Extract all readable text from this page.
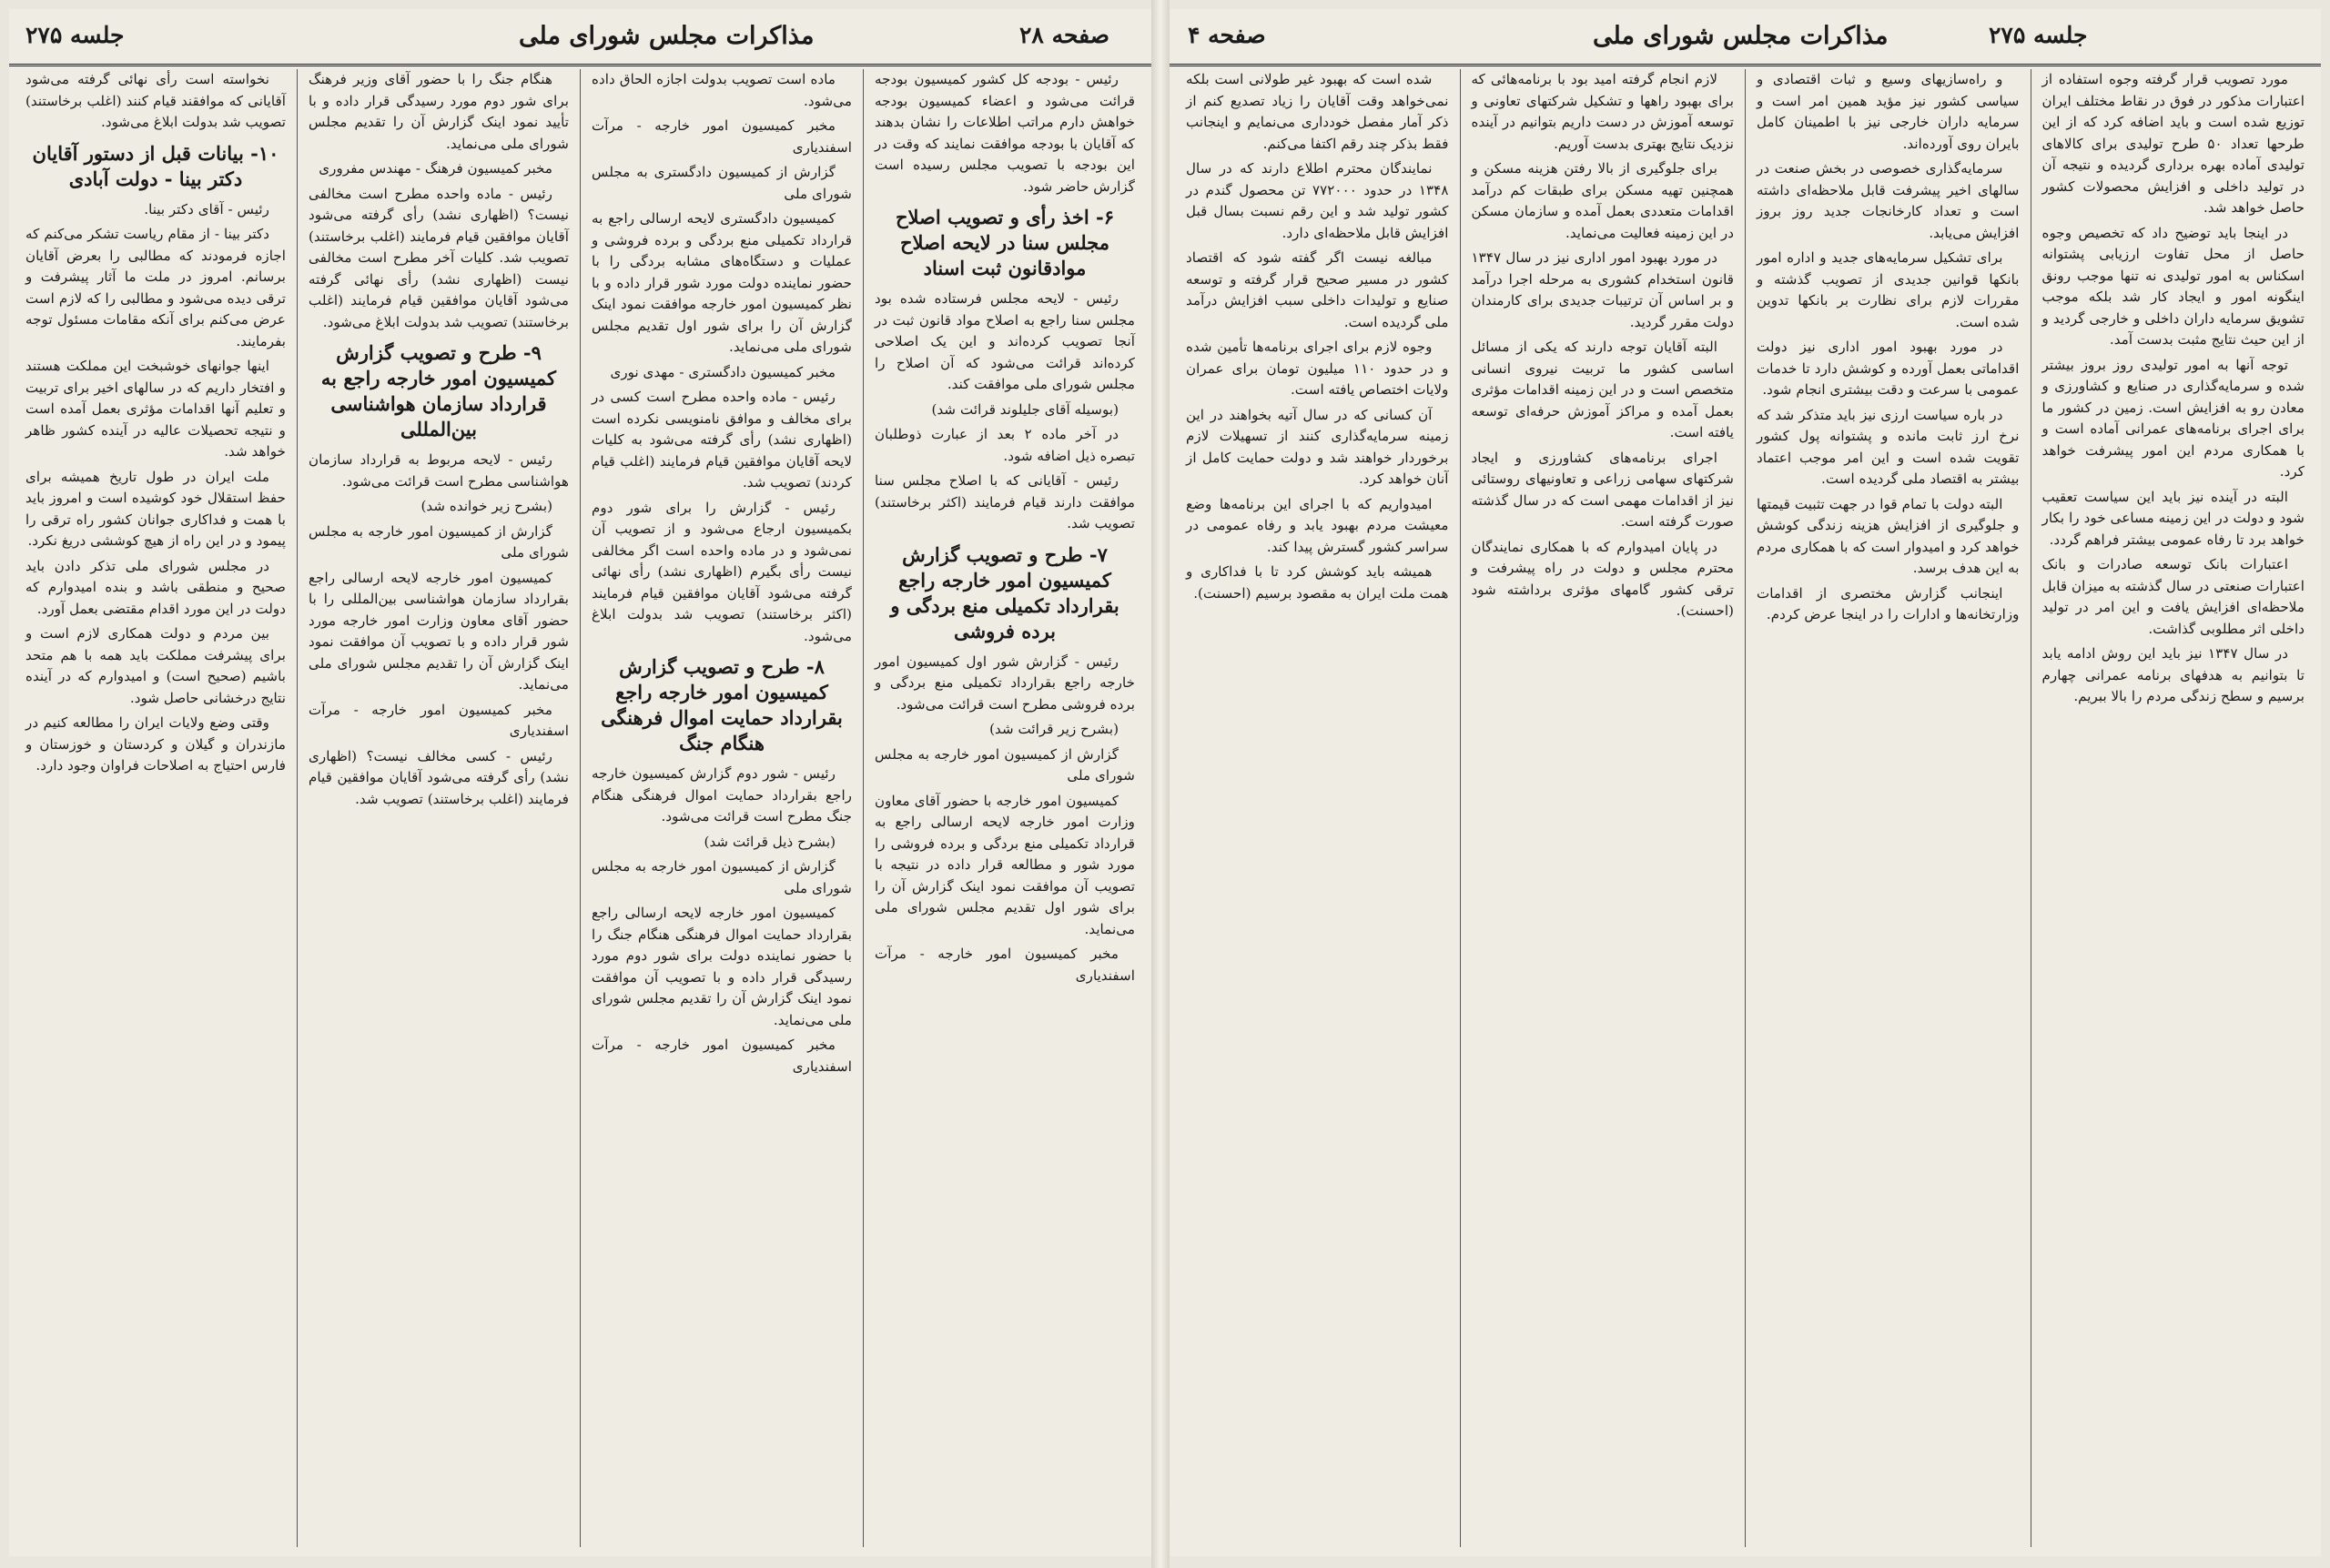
جلسه ۲۷۵	مذاکرات مجلس شورای ملی	صفحه ۲۸

رئیس - بودجه کل کشور کمیسیون بودجه قرائت می‌شود و اعضاء کمیسیون بودجه خواهش دارم مراتب اطلاعات را نشان بدهند که آقایان با بودجه موافقت نمایند که وقت در این بودجه با تصویب مجلس رسیده است گزارش حاضر شود.

۶- اخذ رأی و تصویب اصلاح مجلس سنا در لایحه اصلاح موادقانون ثبت اسناد

رئیس - لایحه مجلس فرستاده شده بود مجلس سنا راجع به اصلاح مواد قانون ثبت در آنجا تصویب کرده‌اند و این یک اصلاحی کرده‌اند قرائت می‌شود که آن اصلاح را مجلس شورای ملی موافقت کند.

(بوسیله آقای جلیلوند قرائت شد)

در آخر ماده ۲ بعد از عبارت ذوطلبان تبصره ذیل اضافه شود.

رئیس - آقایانی که با اصلاح مجلس سنا موافقت دارند قیام فرمایند (اکثر برخاستند) تصویب شد.

۷- طرح و تصویب گزارش کمیسیون امور خارجه راجع بقرارداد تکمیلی منع بردگی و برده فروشی

رئیس - گزارش شور اول کمیسیون امور خارجه راجع بقرارداد تکمیلی منع بردگی و برده فروشی مطرح است قرائت می‌شود.

(بشرح زیر قرائت شد)

گزارش از کمیسیون امور خارجه به مجلس شورای ملی

کمیسیون امور خارجه با حضور آقای معاون وزارت امور خارجه لایحه ارسالی راجع به قرارداد تکمیلی منع بردگی و برده فروشی را مورد شور و مطالعه قرار داده در نتیجه با تصویب آن موافقت نمود اینک گزارش آن را برای شور اول تقدیم مجلس شورای ملی می‌نماید.

مخبر کمیسیون امور خارجه - مرآت اسفندیاری

ماده است تصویب بدولت اجازه الحاق داده می‌شود.

مخبر کمیسیون امور خارجه - مرآت اسفندیاری

گزارش از کمیسیون دادگستری به مجلس شورای ملی

کمیسیون دادگستری لایحه ارسالی راجع به قرارداد تکمیلی منع بردگی و برده فروشی و عملیات و دستگاه‌های مشابه بردگی را با حضور نماینده دولت مورد شور قرار داده و با نظر کمیسیون امور خارجه موافقت نمود اینک گزارش آن را برای شور اول تقدیم مجلس شورای ملی می‌نماید.

مخبر کمیسیون دادگستری - مهدی نوری

رئیس - ماده واحده مطرح است کسی در برای مخالف و موافق نامنویسی نکرده است (اظهاری نشد) رأی گرفته می‌شود به کلیات لایحه آقایان موافقین قیام فرمایند (اغلب قیام کردند) تصویب شد.

رئیس - گزارش را برای شور دوم بکمیسیون ارجاع می‌شود و از تصویب آن نمی‌شود و در ماده واحده است اگر مخالفی نیست رأی بگیرم (اظهاری نشد) رأی نهائی گرفته می‌شود آقایان موافقین قیام فرمایند (اکثر برخاستند) تصویب شد بدولت ابلاغ می‌شود.

۸- طرح و تصویب گزارش کمیسیون امور خارجه راجع بقرارداد حمایت اموال فرهنگی هنگام جنگ

رئیس - شور دوم گزارش کمیسیون خارجه راجع بقرارداد حمایت اموال فرهنگی هنگام جنگ مطرح است قرائت می‌شود.

(بشرح ذیل قرائت شد)

گزارش از کمیسیون امور خارجه به مجلس شورای ملی

کمیسیون امور خارجه لایحه ارسالی راجع بقرارداد حمایت اموال فرهنگی هنگام جنگ را با حضور نماینده دولت برای شور دوم مورد رسیدگی قرار داده و با تصویب آن موافقت نمود اینک گزارش آن را تقدیم مجلس شورای ملی می‌نماید.

مخبر کمیسیون امور خارجه - مرآت اسفندیاری

هنگام جنگ را با حضور آقای وزیر فرهنگ برای شور دوم مورد رسیدگی قرار داده و با تأیید نمود اینک گزارش آن را تقدیم مجلس شورای ملی می‌نماید.

مخبر کمیسیون فرهنگ - مهندس مفروری

رئیس - ماده واحده مطرح است مخالفی نیست؟ (اظهاری نشد) رأی گرفته می‌شود آقایان موافقین قیام فرمایند (اغلب برخاستند) تصویب شد. کلیات آخر مطرح است مخالفی نیست (اظهاری نشد) رأی نهائی گرفته می‌شود آقایان موافقین قیام فرمایند (اغلب برخاستند) تصویب شد بدولت ابلاغ می‌شود.

۹- طرح و تصویب گزارش کمیسیون امور خارجه راجع به قرارداد سازمان هواشناسی بین‌المللی

رئیس - لایحه مربوط به قرارداد سازمان هواشناسی مطرح است قرائت می‌شود.

(بشرح زیر خوانده شد)

گزارش از کمیسیون امور خارجه به مجلس شورای ملی

کمیسیون امور خارجه لایحه ارسالی راجع بقرارداد سازمان هواشناسی بین‌المللی را با حضور آقای معاون وزارت امور خارجه مورد شور قرار داده و با تصویب آن موافقت نمود اینک گزارش آن را تقدیم مجلس شورای ملی می‌نماید.

مخبر کمیسیون امور خارجه - مرآت اسفندیاری

رئیس - کسی مخالف نیست؟ (اظهاری نشد) رأی گرفته می‌شود آقایان موافقین قیام فرمایند (اغلب برخاستند) تصویب شد.

نخواسته است رأی نهائی گرفته می‌شود آقایانی که موافقند قیام کنند (اغلب برخاستند) تصویب شد بدولت ابلاغ می‌شود.

۱۰- بیانات قبل از دستور آقایان دکتر بینا - دولت آبادی

رئیس - آقای دکتر بینا.

دکتر بینا - از مقام ریاست تشکر می‌کنم که اجازه فرمودند که مطالبی را بعرض آقایان برسانم. امروز در ملت ما آثار پیشرفت و ترقی دیده می‌شود و مطالبی را که لازم است عرض می‌کنم برای آنکه مقامات مسئول توجه بفرمایند.

اینها جوانهای خوشبخت این مملکت هستند و افتخار داریم که در سالهای اخیر برای تربیت و تعلیم آنها اقدامات مؤثری بعمل آمده است و نتیجه تحصیلات عالیه در آینده کشور ظاهر خواهد شد.

ملت ایران در طول تاریخ همیشه برای حفظ استقلال خود کوشیده است و امروز باید با همت و فداکاری جوانان کشور راه ترقی را پیمود و در این راه از هیچ کوششی دریغ نکرد.

در مجلس شورای ملی تذکر دادن باید صحیح و منطقی باشد و بنده امیدوارم که دولت در این مورد اقدام مقتضی بعمل آورد.

بین مردم و دولت همکاری لازم است و برای پیشرفت مملکت باید همه با هم متحد باشیم (صحیح است) و امیدوارم که در آینده نتایج درخشانی حاصل شود.

وقتی وضع ولایات ایران را مطالعه کنیم در مازندران و گیلان و کردستان و خوزستان و فارس احتیاج به اصلاحات فراوان وجود دارد.

صفحه ۴	مذاکرات مجلس شورای ملی	جلسه ۲۷۵

مورد تصویب قرار گرفته وجوه استفاده از اعتبارات مذکور در فوق در نقاط مختلف ایران توزیع شده است و باید اضافه کرد که از این طرحها تعداد ۵۰ طرح تولیدی برای کالاهای تولیدی آماده بهره برداری گردیده و نتیجه آن در تولید داخلی و افزایش محصولات کشور حاصل خواهد شد.

در اینجا باید توضیح داد که تخصیص وجوه حاصل از محل تفاوت ارزیابی پشتوانه اسکناس به امور تولیدی نه تنها موجب رونق اینگونه امور و ایجاد کار شد بلکه موجب تشویق سرمایه داران داخلی و خارجی گردید و از این حیث نتایج مثبت بدست آمد.

توجه آنها به امور تولیدی روز بروز بیشتر شده و سرمایه‌گذاری در صنایع و کشاورزی و معادن رو به افزایش است. زمین در کشور ما برای اجرای برنامه‌های عمرانی آماده است و با همکاری مردم این امور پیشرفت خواهد کرد.

البته در آینده نیز باید این سیاست تعقیب شود و دولت در این زمینه مساعی خود را بکار خواهد برد تا رفاه عمومی بیشتر فراهم گردد.

اعتبارات بانک توسعه صادرات و بانک اعتبارات صنعتی در سال گذشته به میزان قابل ملاحظه‌ای افزایش یافت و این امر در تولید داخلی اثر مطلوبی گذاشت.

در سال ۱۳۴۷ نیز باید این روش ادامه یابد تا بتوانیم به هدفهای برنامه عمرانی چهارم برسیم و سطح زندگی مردم را بالا ببریم.

و راه‌سازیهای وسیع و ثبات اقتصادی و سیاسی کشور نیز مؤید همین امر است و سرمایه داران خارجی نیز با اطمینان کامل بایران روی آورده‌اند.

سرمایه‌گذاری خصوصی در بخش صنعت در سالهای اخیر پیشرفت قابل ملاحظه‌ای داشته است و تعداد کارخانجات جدید روز بروز افزایش می‌یابد.

برای تشکیل سرمایه‌های جدید و اداره امور بانکها قوانین جدیدی از تصویب گذشته و مقررات لازم برای نظارت بر بانکها تدوین شده است.

در مورد بهبود امور اداری نیز دولت اقداماتی بعمل آورده و کوشش دارد تا خدمات عمومی با سرعت و دقت بیشتری انجام شود.

در باره سیاست ارزی نیز باید متذکر شد که نرخ ارز ثابت مانده و پشتوانه پول کشور تقویت شده است و این امر موجب اعتماد بیشتر به اقتصاد ملی گردیده است.

البته دولت با تمام قوا در جهت تثبیت قیمتها و جلوگیری از افزایش هزینه زندگی کوشش خواهد کرد و امیدوار است که با همکاری مردم به این هدف برسد.

اینجانب گزارش مختصری از اقدامات وزارتخانه‌ها و ادارات را در اینجا عرض کردم.

لازم انجام گرفته امید بود با برنامه‌هائی که برای بهبود راهها و تشکیل شرکتهای تعاونی و توسعه آموزش در دست داریم بتوانیم در آینده نزدیک نتایج بهتری بدست آوریم.

برای جلوگیری از بالا رفتن هزینه مسکن و همچنین تهیه مسکن برای طبقات کم درآمد اقدامات متعددی بعمل آمده و سازمان مسکن در این زمینه فعالیت می‌نماید.

در مورد بهبود امور اداری نیز در سال ۱۳۴۷ قانون استخدام کشوری به مرحله اجرا درآمد و بر اساس آن ترتیبات جدیدی برای کارمندان دولت مقرر گردید.

البته آقایان توجه دارند که یکی از مسائل اساسی کشور ما تربیت نیروی انسانی متخصص است و در این زمینه اقدامات مؤثری بعمل آمده و مراکز آموزش حرفه‌ای توسعه یافته است.

اجرای برنامه‌های کشاورزی و ایجاد شرکتهای سهامی زراعی و تعاونیهای روستائی نیز از اقدامات مهمی است که در سال گذشته صورت گرفته است.

در پایان امیدوارم که با همکاری نمایندگان محترم مجلس و دولت در راه پیشرفت و ترقی کشور گامهای مؤثری برداشته شود (احسنت).

شده است که بهبود غیر طولانی است بلکه نمی‌خواهد وقت آقایان را زیاد تصدیع کنم از ذکر آمار مفصل خودداری می‌نمایم و اینجانب فقط بذکر چند رقم اکتفا می‌کنم.

نمایندگان محترم اطلاع دارند که در سال ۱۳۴۸ در حدود ۷۷۲۰۰۰ تن محصول گندم در کشور تولید شد و این رقم نسبت بسال قبل افزایش قابل ملاحظه‌ای دارد.

مبالغه نیست اگر گفته شود که اقتصاد کشور در مسیر صحیح قرار گرفته و توسعه صنایع و تولیدات داخلی سبب افزایش درآمد ملی گردیده است.

وجوه لازم برای اجرای برنامه‌ها تأمین شده و در حدود ۱۱۰ میلیون تومان برای عمران ولایات اختصاص یافته است.

آن کسانی که در سال آتیه بخواهند در این زمینه سرمایه‌گذاری کنند از تسهیلات لازم برخوردار خواهند شد و دولت حمایت کامل از آنان خواهد کرد.

امیدواریم که با اجرای این برنامه‌ها وضع معیشت مردم بهبود یابد و رفاه عمومی در سراسر کشور گسترش پیدا کند.

همیشه باید کوشش کرد تا با فداکاری و همت ملت ایران به مقصود برسیم (احسنت).
